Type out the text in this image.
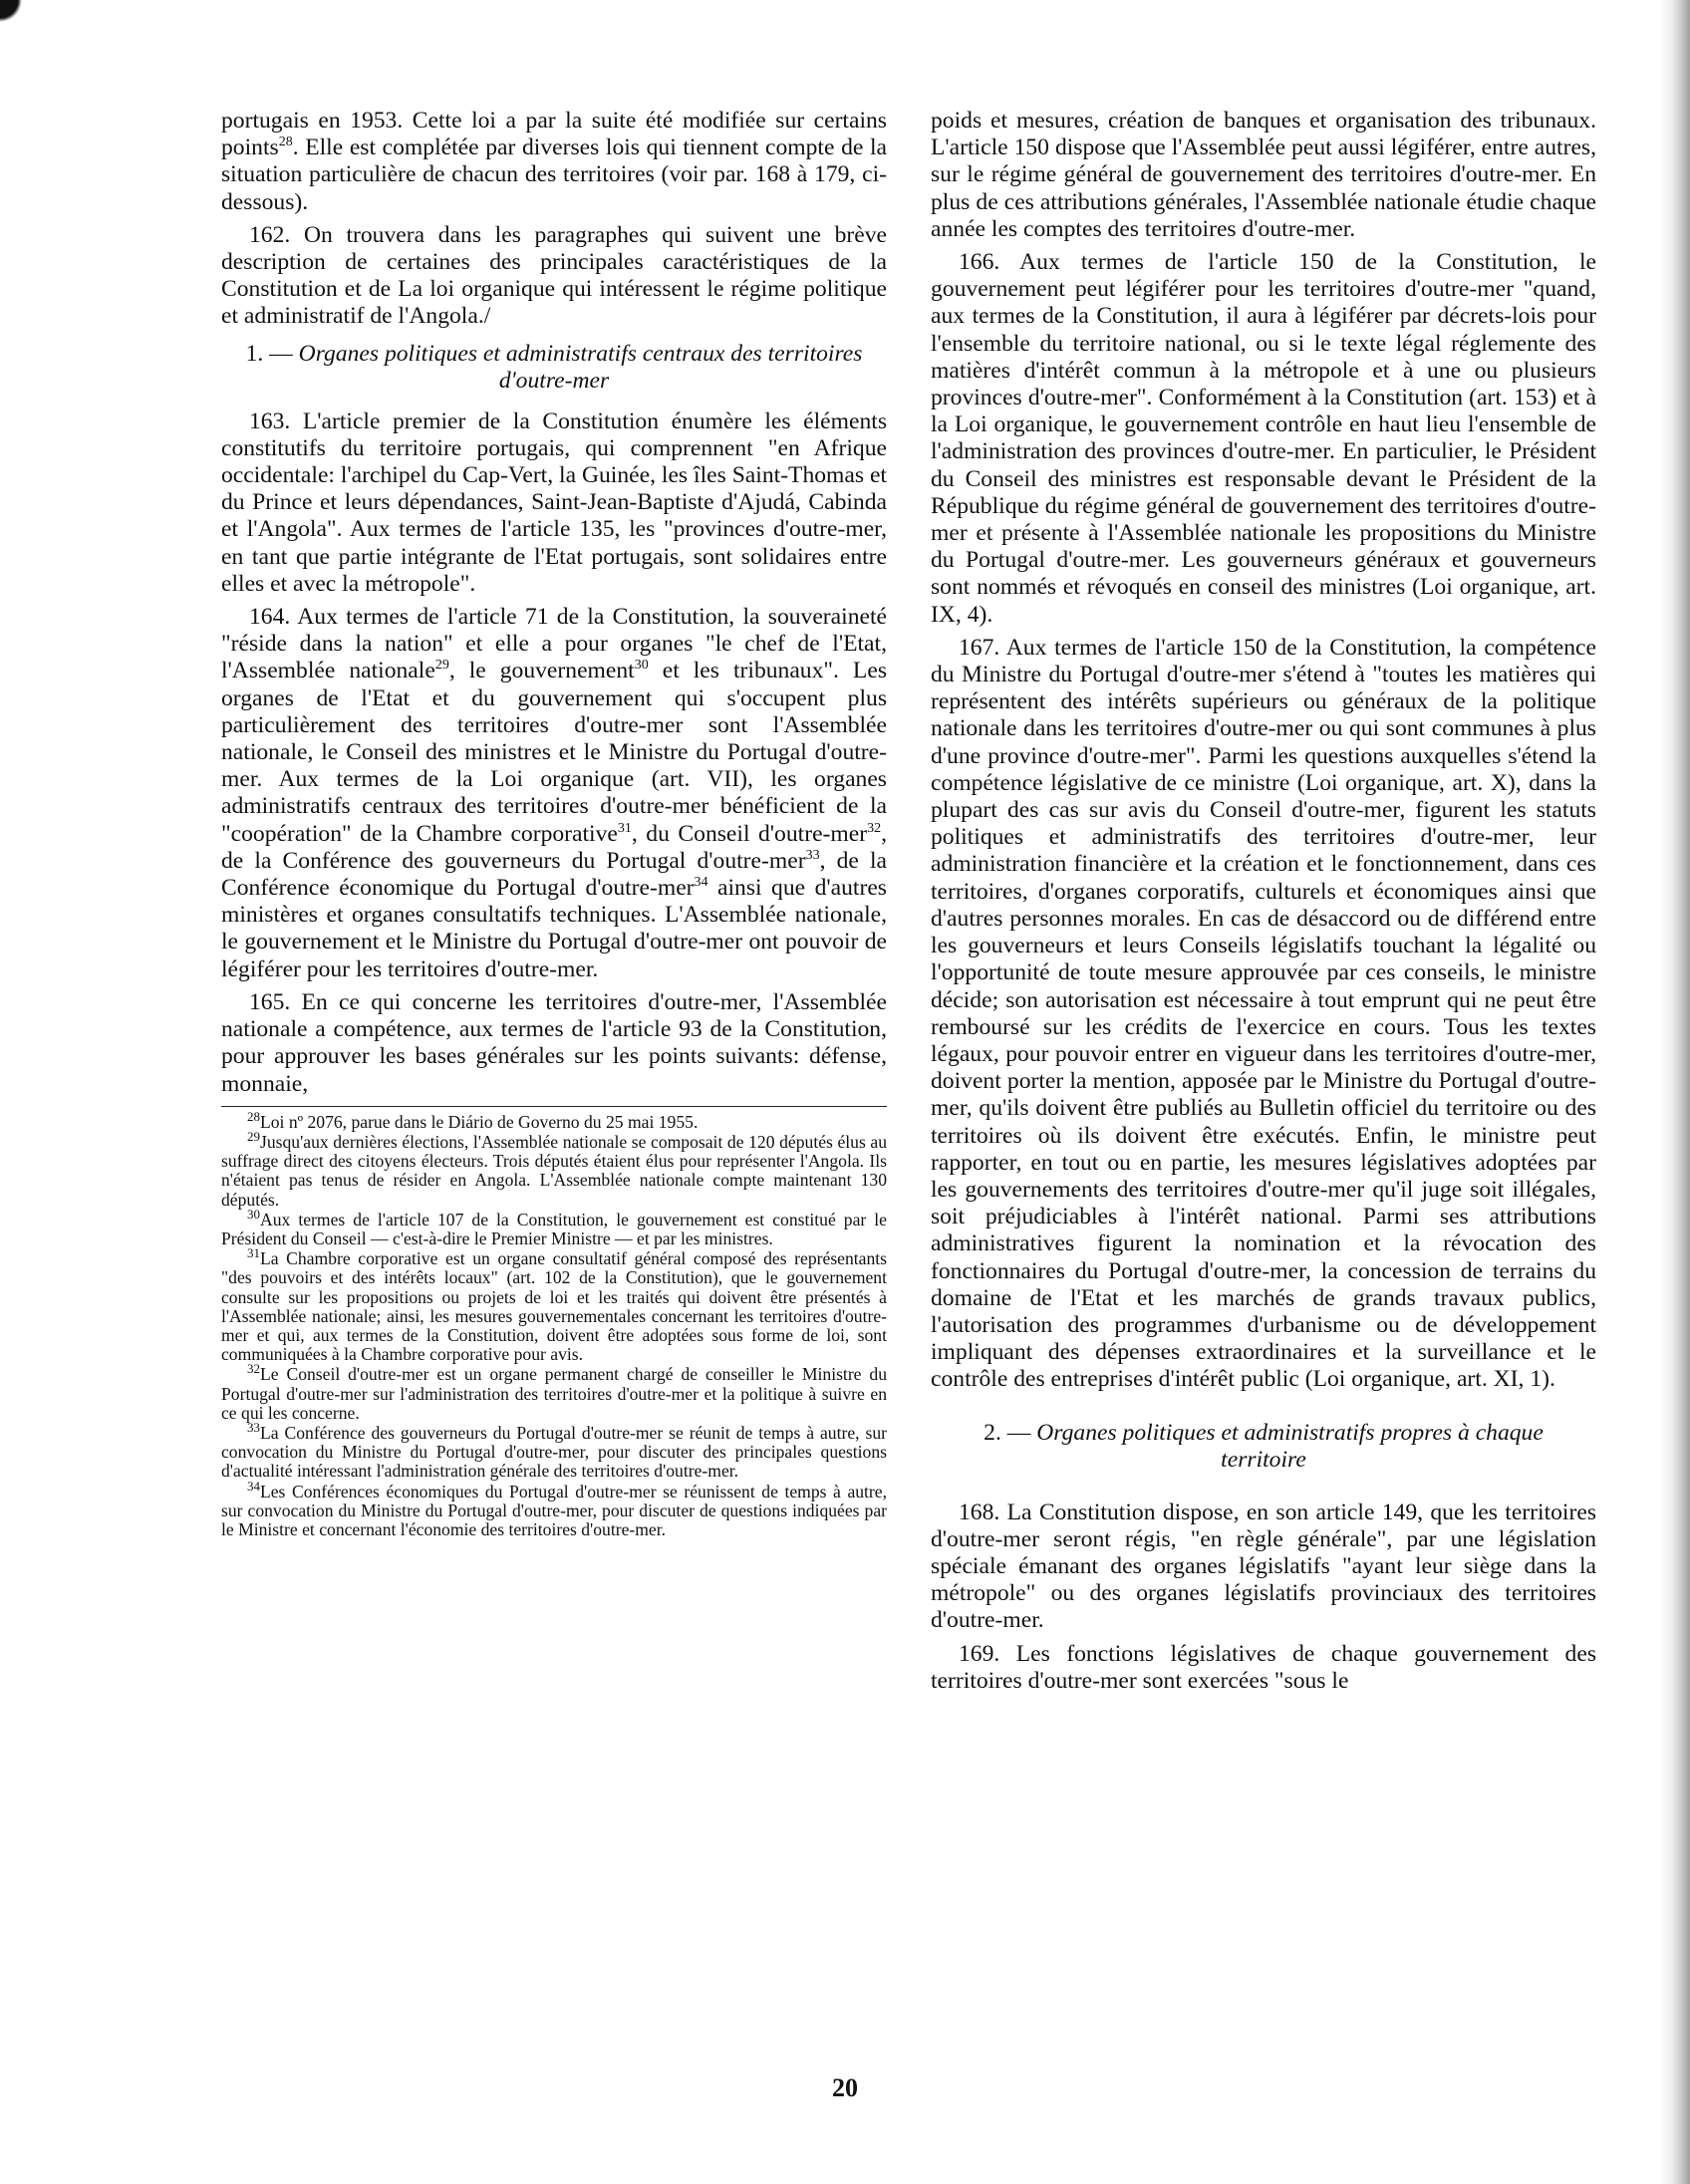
portugais en 1953. Cette loi a par la suite été modifiée sur certains points$^{28}$. Elle est complétée par diverses lois qui tiennent compte de la situation particulière de chacun des territoires (voir par. 168 à 179, ci-dessous).

162. On trouvera dans les paragraphes qui suivent une brève description de certaines des principales caractéristiques de la Constitution et de La loi organique qui intéressent le régime politique et administratif de l'Angola./

1. — Organes politiques et administratifs centraux des territoires d'outre-mer

163. L'article premier de la Constitution énumère les éléments constitutifs du territoire portugais, qui comprennent "en Afrique occidentale: l'archipel du Cap-Vert, la Guinée, les îles Saint-Thomas et du Prince et leurs dépendances, Saint-Jean-Baptiste d'Ajudá, Cabinda et l'Angola". Aux termes de l'article 135, les "provinces d'outre-mer, en tant que partie intégrante de l'Etat portugais, sont solidaires entre elles et avec la métropole".

164. Aux termes de l'article 71 de la Constitution, la souveraineté "réside dans la nation" et elle a pour organes "le chef de l'Etat, l'Assemblée nationale$^{29}$, le gouvernement$^{30}$ et les tribunaux". Les organes de l'Etat et du gouvernement qui s'occupent plus particulièrement des territoires d'outre-mer sont l'Assemblée nationale, le Conseil des ministres et le Ministre du Portugal d'outre-mer. Aux termes de la Loi organique (art. VII), les organes administratifs centraux des territoires d'outre-mer bénéficient de la "coopération" de la Chambre corporative$^{31}$, du Conseil d'outre-mer$^{32}$, de la Conférence des gouverneurs du Portugal d'outre-mer$^{33}$, de la Conférence économique du Portugal d'outre-mer$^{34}$ ainsi que d'autres ministères et organes consultatifs techniques. L'Assemblée nationale, le gouvernement et le Ministre du Portugal d'outre-mer ont pouvoir de légiférer pour les territoires d'outre-mer.

165. En ce qui concerne les territoires d'outre-mer, l'Assemblée nationale a compétence, aux termes de l'article 93 de la Constitution, pour approuver les bases générales sur les points suivants: défense, monnaie,

$^{28}$Loi nº 2076, parue dans le Diário de Governo du 25 mai 1955.

$^{29}$Jusqu'aux dernières élections, l'Assemblée nationale se composait de 120 députés élus au suffrage direct des citoyens électeurs. Trois députés étaient élus pour représenter l'Angola. Ils n'étaient pas tenus de résider en Angola. L'Assemblée nationale compte maintenant 130 députés.

$^{30}$Aux termes de l'article 107 de la Constitution, le gouvernement est constitué par le Président du Conseil — c'est-à-dire le Premier Ministre — et par les ministres.

$^{31}$La Chambre corporative est un organe consultatif général composé des représentants "des pouvoirs et des intérêts locaux" (art. 102 de la Constitution), que le gouvernement consulte sur les propositions ou projets de loi et les traités qui doivent être présentés à l'Assemblée nationale; ainsi, les mesures gouvernementales concernant les territoires d'outre-mer et qui, aux termes de la Constitution, doivent être adoptées sous forme de loi, sont communiquées à la Chambre corporative pour avis.

$^{32}$Le Conseil d'outre-mer est un organe permanent chargé de conseiller le Ministre du Portugal d'outre-mer sur l'administration des territoires d'outre-mer et la politique à suivre en ce qui les concerne.

$^{33}$La Conférence des gouverneurs du Portugal d'outre-mer se réunit de temps à autre, sur convocation du Ministre du Portugal d'outre-mer, pour discuter des principales questions d'actualité intéressant l'administration générale des territoires d'outre-mer.

$^{34}$Les Conférences économiques du Portugal d'outre-mer se réunissent de temps à autre, sur convocation du Ministre du Portugal d'outre-mer, pour discuter de questions indiquées par le Ministre et concernant l'économie des territoires d'outre-mer.

poids et mesures, création de banques et organisation des tribunaux. L'article 150 dispose que l'Assemblée peut aussi légiférer, entre autres, sur le régime général de gouvernement des territoires d'outre-mer. En plus de ces attributions générales, l'Assemblée nationale étudie chaque année les comptes des territoires d'outre-mer.

166. Aux termes de l'article 150 de la Constitution, le gouvernement peut légiférer pour les territoires d'outre-mer "quand, aux termes de la Constitution, il aura à légiférer par décrets-lois pour l'ensemble du territoire national, ou si le texte légal réglemente des matières d'intérêt commun à la métropole et à une ou plusieurs provinces d'outre-mer". Conformément à la Constitution (art. 153) et à la Loi organique, le gouvernement contrôle en haut lieu l'ensemble de l'administration des provinces d'outre-mer. En particulier, le Président du Conseil des ministres est responsable devant le Président de la République du régime général de gouvernement des territoires d'outre-mer et présente à l'Assemblée nationale les propositions du Ministre du Portugal d'outre-mer. Les gouverneurs généraux et gouverneurs sont nommés et révoqués en conseil des ministres (Loi organique, art. IX, 4).

167. Aux termes de l'article 150 de la Constitution, la compétence du Ministre du Portugal d'outre-mer s'étend à "toutes les matières qui représentent des intérêts supérieurs ou généraux de la politique nationale dans les territoires d'outre-mer ou qui sont communes à plus d'une province d'outre-mer". Parmi les questions auxquelles s'étend la compétence législative de ce ministre (Loi organique, art. X), dans la plupart des cas sur avis du Conseil d'outre-mer, figurent les statuts politiques et administratifs des territoires d'outre-mer, leur administration financière et la création et le fonctionnement, dans ces territoires, d'organes corporatifs, culturels et économiques ainsi que d'autres personnes morales. En cas de désaccord ou de différend entre les gouverneurs et leurs Conseils législatifs touchant la légalité ou l'opportunité de toute mesure approuvée par ces conseils, le ministre décide; son autorisation est nécessaire à tout emprunt qui ne peut être remboursé sur les crédits de l'exercice en cours. Tous les textes légaux, pour pouvoir entrer en vigueur dans les territoires d'outre-mer, doivent porter la mention, apposée par le Ministre du Portugal d'outre-mer, qu'ils doivent être publiés au Bulletin officiel du territoire ou des territoires où ils doivent être exécutés. Enfin, le ministre peut rapporter, en tout ou en partie, les mesures législatives adoptées par les gouvernements des territoires d'outre-mer qu'il juge soit illégales, soit préjudiciables à l'intérêt national. Parmi ses attributions administratives figurent la nomination et la révocation des fonctionnaires du Portugal d'outre-mer, la concession de terrains du domaine de l'Etat et les marchés de grands travaux publics, l'autorisation des programmes d'urbanisme ou de développement impliquant des dépenses extraordinaires et la surveillance et le contrôle des entreprises d'intérêt public (Loi organique, art. XI, 1).

2. — Organes politiques et administratifs propres à chaque territoire

168. La Constitution dispose, en son article 149, que les territoires d'outre-mer seront régis, "en règle générale", par une législation spéciale émanant des organes législatifs "ayant leur siège dans la métropole" ou des organes législatifs provinciaux des territoires d'outre-mer.

169. Les fonctions législatives de chaque gouvernement des territoires d'outre-mer sont exercées "sous le

20
